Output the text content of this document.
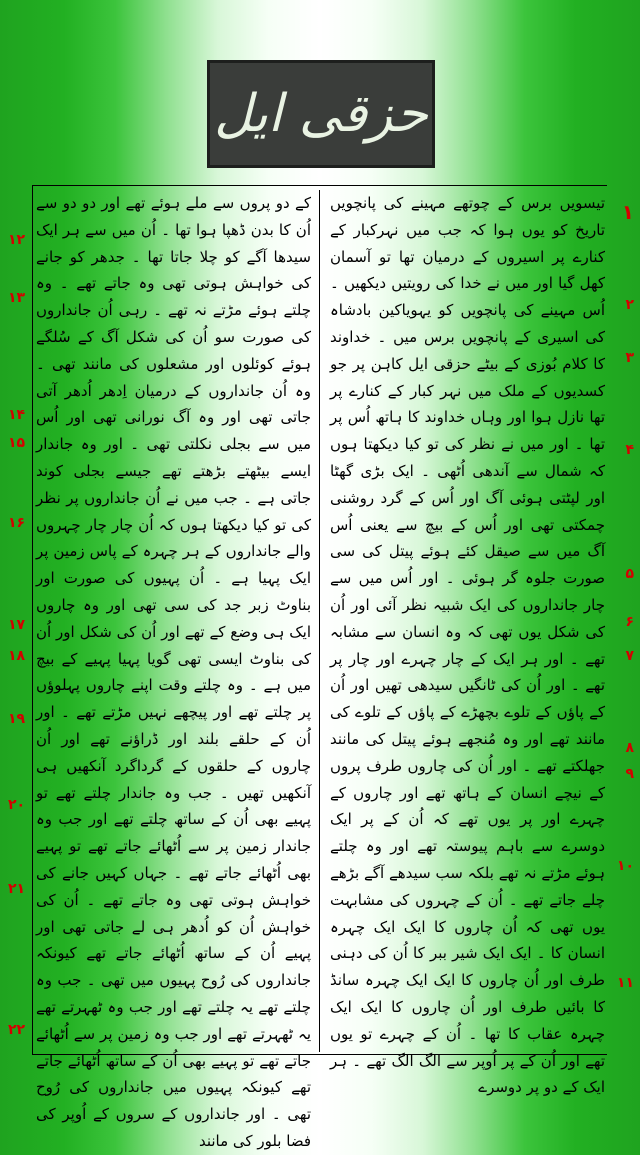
حزقی ایل

تیسویں برس کے چوتھے مہینے کی پانچویں تاریخ کو یوں ہوا کہ جب میں نہرکبار کے کنارے پر اسیروں کے درمیان تھا تو آسمان کھل گیا اور میں نے خدا کی رویتیں دیکھیں ۔ اُس مہینے کی پانچویں کو یہویاکین بادشاہ کی اسیری کے پانچویں برس میں ۔ خداوند کا کلام بُوزی کے بیٹے حزقی ایل کاہن پر جو کسدیوں کے ملک میں نہر کبار کے کنارے پر تھا نازل ہوا اور وہاں خداوند کا ہاتھ اُس پر تھا ۔ اور میں نے نظر کی تو کیا دیکھتا ہوں کہ شمال سے آندھی اُٹھی ۔ ایک بڑی گھٹا اور لپٹتی ہوئی آگ اور اُس کے گرد روشنی چمکتی تھی اور اُس کے بیچ سے یعنی اُس آگ میں سے صیقل کئے ہوئے پیتل کی سی صورت جلوہ گر ہوئی ۔ اور اُس میں سے چار جانداروں کی ایک شبیہ نظر آئی اور اُن کی شکل یوں تھی کہ وہ انسان سے مشابہ تھے ۔ اور ہر ایک کے چار چہرے اور چار پر تھے ۔ اور اُن کی ٹانگیں سیدھی تھیں اور اُن کے پاؤں کے تلوے بچھڑے کے پاؤں کے تلوے کی مانند تھے اور وہ مُنجھے ہوئے پیتل کی مانند جھلکتے تھے ۔ اور اُن کی چاروں طرف پروں کے نیچے انسان کے ہاتھ تھے اور چاروں کے چہرے اور پر یوں تھے کہ اُن کے پر ایک دوسرے سے باہم پیوستہ تھے اور وہ چلتے ہوئے مڑتے نہ تھے بلکہ سب سیدھے آگے بڑھے چلے جاتے تھے ۔ اُن کے چہروں کی مشابہت یوں تھی کہ اُن چاروں کا ایک ایک چہرہ انسان کا ۔ ایک ایک شیر ببر کا اُن کی دہنی طرف اور اُن چاروں کا ایک ایک چہرہ سانڈ کا بائیں طرف اور اُن چاروں کا ایک ایک چہرہ عقاب کا تھا ۔ اُن کے چہرے تو یوں تھے اور اُن کے پر اُوپر سے الگ الگ تھے ۔ ہر ایک کے دو پر دوسرے

کے دو پروں سے ملے ہوئے تھے اور دو دو سے اُن کا بدن ڈھپا ہوا تھا ۔ اُن میں سے ہر ایک سیدھا آگے کو چلا جاتا تھا ۔ جدھر کو جانے کی خواہش ہوتی تھی وہ جاتے تھے ۔ وہ چلتے ہوئے مڑتے نہ تھے ۔ رہی اُن جانداروں کی صورت سو اُن کی شکل آگ کے سُلگے ہوئے کوئلوں اور مشعلوں کی مانند تھی ۔ وہ اُن جانداروں کے درمیان اِدھر اُدھر آتی جاتی تھی اور وہ آگ نورانی تھی اور اُس میں سے بجلی نکلتی تھی ۔ اور وہ جاندار ایسے بیٹھتے بڑھتے تھے جیسے بجلی کوند جاتی ہے ۔ جب میں نے اُن جانداروں پر نظر کی تو کیا دیکھتا ہوں کہ اُن چار چار چہروں والے جانداروں کے ہر چہرہ کے پاس زمین پر ایک پہیا ہے ۔ اُن پہیوں کی صورت اور بناوٹ زبر جد کی سی تھی اور وہ چاروں ایک ہی وضع کے تھے اور اُن کی شکل اور اُن کی بناوٹ ایسی تھی گویا پہیا پہیے کے بیچ میں ہے ۔ وہ چلتے وقت اپنے چاروں پہلوؤں پر چلتے تھے اور پیچھے نہیں مڑتے تھے ۔ اور اُن کے حلقے بلند اور ڈراؤنے تھے اور اُن چاروں کے حلقوں کے گرداگرد آنکھیں ہی آنکھیں تھیں ۔ جب وہ جاندار چلتے تھے تو پہیے بھی اُن کے ساتھ چلتے تھے اور جب وہ جاندار زمین پر سے اُٹھائے جاتے تھے تو پہیے بھی اُٹھائے جاتے تھے ۔ جہاں کہیں جانے کی خواہش ہوتی تھی وہ جاتے تھے ۔ اُن کی خواہش اُن کو اُدھر ہی لے جاتی تھی اور پہیے اُن کے ساتھ اُٹھائے جاتے تھے کیونکہ جانداروں کی رُوح پہیوں میں تھی ۔ جب وہ چلتے تھے یہ چلتے تھے اور جب وہ ٹھہرتے تھے یہ ٹھہرتے تھے اور جب وہ زمین پر سے اُٹھائے جاتے تھے تو پہیے بھی اُن کے ساتھ اُٹھائے جاتے تھے کیونکہ پہیوں میں جانداروں کی رُوح تھی ۔ اور جانداروں کے سروں کے اُوپر کی فضا بلور کی مانند

۱
۲
۳
۴
۵
۶
۷
۸
۹
۱۰
۱۱
۱۲
۱۳
۱۴
۱۵
۱۶
۱۷
۱۸
۱۹
۲۰
۲۱
۲۲
